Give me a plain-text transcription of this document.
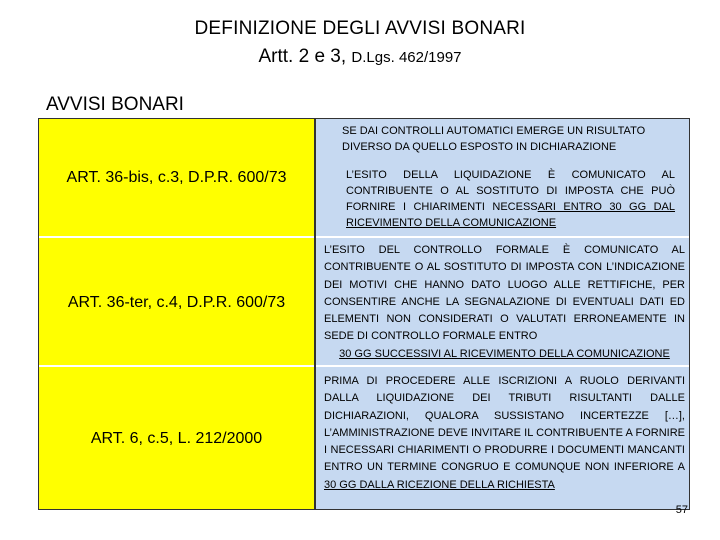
DEFINIZIONE DEGLI AVVISI BONARI
Artt. 2 e 3, D.Lgs. 462/1997
AVVISI BONARI
ART. 36-bis, c.3, D.P.R. 600/73
ART. 36-ter, c.4, D.P.R. 600/73
ART. 6, c.5, L. 212/2000
SE DAI CONTROLLI AUTOMATICI EMERGE UN RISULTATO DIVERSO DA QUELLO ESPOSTO IN DICHIARAZIONE
L’ESITO DELLA LIQUIDAZIONE È COMUNICATO AL CONTRIBUENTE O AL SOSTITUTO DI IMPOSTA CHE PUÒ FORNIRE I CHIARIMENTI NECESSARI ENTRO 30 GG DAL RICEVIMENTO DELLA COMUNICAZIONE
L’ESITO DEL CONTROLLO FORMALE È COMUNICATO AL CONTRIBUENTE O AL SOSTITUTO DI IMPOSTA CON L’INDICAZIONE DEI MOTIVI CHE HANNO DATO LUOGO ALLE RETTIFICHE, PER CONSENTIRE ANCHE LA SEGNALAZIONE DI EVENTUALI DATI ED ELEMENTI NON CONSIDERATI O VALUTATI ERRONEAMENTE IN SEDE DI CONTROLLO FORMALE ENTRO
30 GG SUCCESSIVI AL RICEVIMENTO DELLA COMUNICAZIONE
PRIMA DI PROCEDERE ALLE ISCRIZIONI A RUOLO DERIVANTI DALLA LIQUIDAZIONE DEI TRIBUTI RISULTANTI DALLE DICHIARAZIONI, QUALORA SUSSISTANO INCERTEZZE […], L’AMMINISTRAZIONE DEVE INVITARE IL CONTRIBUENTE A FORNIRE I NECESSARI CHIARIMENTI O PRODURRE I DOCUMENTI MANCANTI ENTRO UN TERMINE CONGRUO E COMUNQUE NON INFERIORE A 30 GG DALLA RICEZIONE DELLA RICHIESTA
57
